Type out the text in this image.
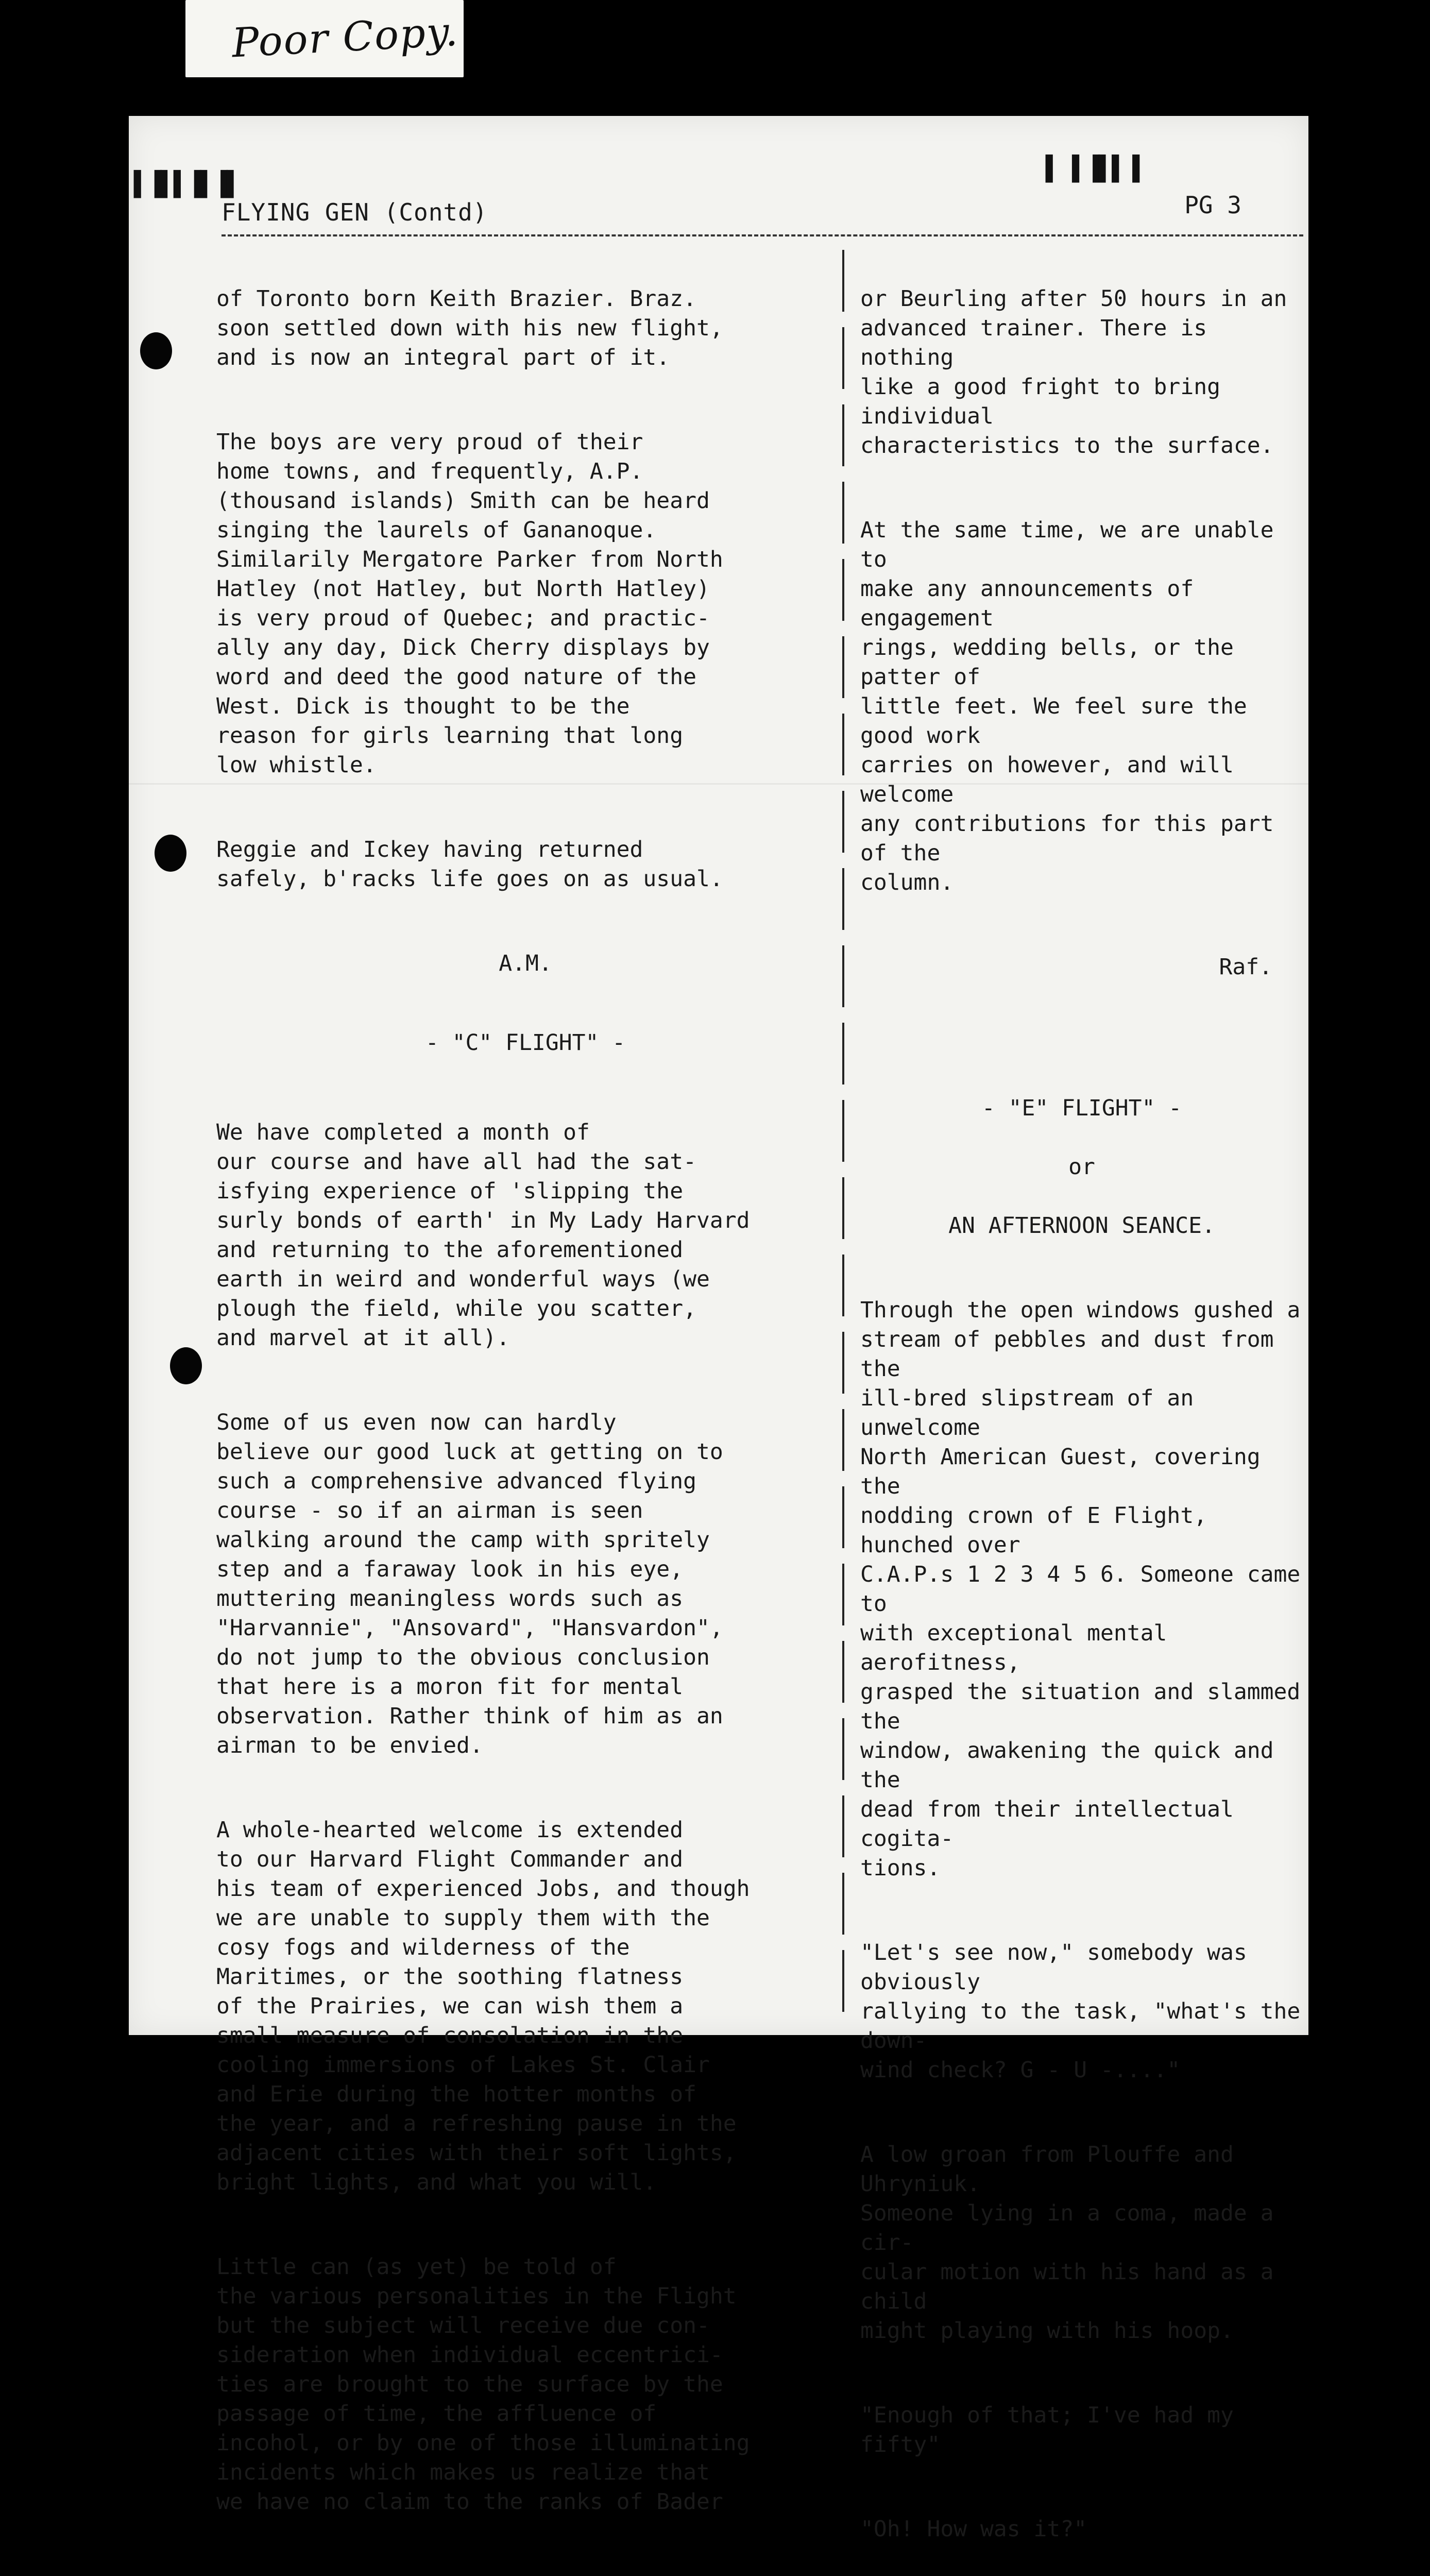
Poor Copy.
▌▐▌▌▐▌▐▌
▌ ▌▐▌▌▐
FLYING GEN (Contd)	PG 3

of Toronto born Keith Brazier. Braz.
soon settled down with his new flight,
and is now an integral part of it.

The boys are very proud of their
home towns, and frequently, A.P.
(thousand islands) Smith can be heard
singing the laurels of Gananoque.
Similarily Mergatore Parker from North
Hatley (not Hatley, but North Hatley)
is very proud of Quebec; and practic-
ally any day, Dick Cherry displays by
word and deed the good nature of the
West. Dick is thought to be the
reason for girls learning that long
low whistle.

Reggie and Ickey having returned
safely, b'racks life goes on as usual.

A.M.

- "C" FLIGHT" -

We have completed a month of
our course and have all had the sat-
isfying experience of 'slipping the
surly bonds of earth' in My Lady Harvard
and returning to the aforementioned
earth in weird and wonderful ways (we
plough the field, while you scatter,
and marvel at it all).

Some of us even now can hardly
believe our good luck at getting on to
such a comprehensive advanced flying
course - so if an airman is seen
walking around the camp with spritely
step and a faraway look in his eye,
muttering meaningless words such as
"Harvannie", "Ansovard", "Hansvardon",
do not jump to the obvious conclusion
that here is a moron fit for mental
observation. Rather think of him as an
airman to be envied.

A whole-hearted welcome is extended
to our Harvard Flight Commander and
his team of experienced Jobs, and though
we are unable to supply them with the
cosy fogs and wilderness of the
Maritimes, or the soothing flatness
of the Prairies, we can wish them a
small measure of consolation in the
cooling immersions of Lakes St. Clair
and Erie during the hotter months of
the year, and a refreshing pause in the
adjacent cities with their soft lights,
bright lights, and what you will.

Little can (as yet) be told of
the various personalities in the Flight
but the subject will receive due con-
sideration when individual eccentrici-
ties are brought to the surface by the
passage of time, the affluence of
incohol, or by one of those illuminating
incidents which makes us realize that
we have no claim to the ranks of Bader

or Beurling after 50 hours in an
advanced trainer. There is nothing
like a good fright to bring individual
characteristics to the surface.

At the same time, we are unable to
make any announcements of engagement
rings, wedding bells, or the patter of
little feet. We feel sure the good work
carries on however, and will welcome
any contributions for this part of the
column.

Raf.

- "E" FLIGHT" -

or

AN AFTERNOON SEANCE.

Through the open windows gushed a
stream of pebbles and dust from the
ill-bred slipstream of an unwelcome
North American Guest, covering the
nodding crown of E Flight, hunched over
C.A.P.s 1 2 3 4 5 6. Someone came to
with exceptional mental aerofitness,
grasped the situation and slammed the
window, awakening the quick and the
dead from their intellectual cogita-
tions.

"Let's see now," somebody was obviously
rallying to the task, "what's the down-
wind check? G - U -...."

A low groan from Plouffe and Uhryniuk.
Someone lying in a coma, made a cir-
cular motion with his hand as a child
might playing with his hoop.

"Enough of that; I've had my fifty"

"Oh! How was it?"
